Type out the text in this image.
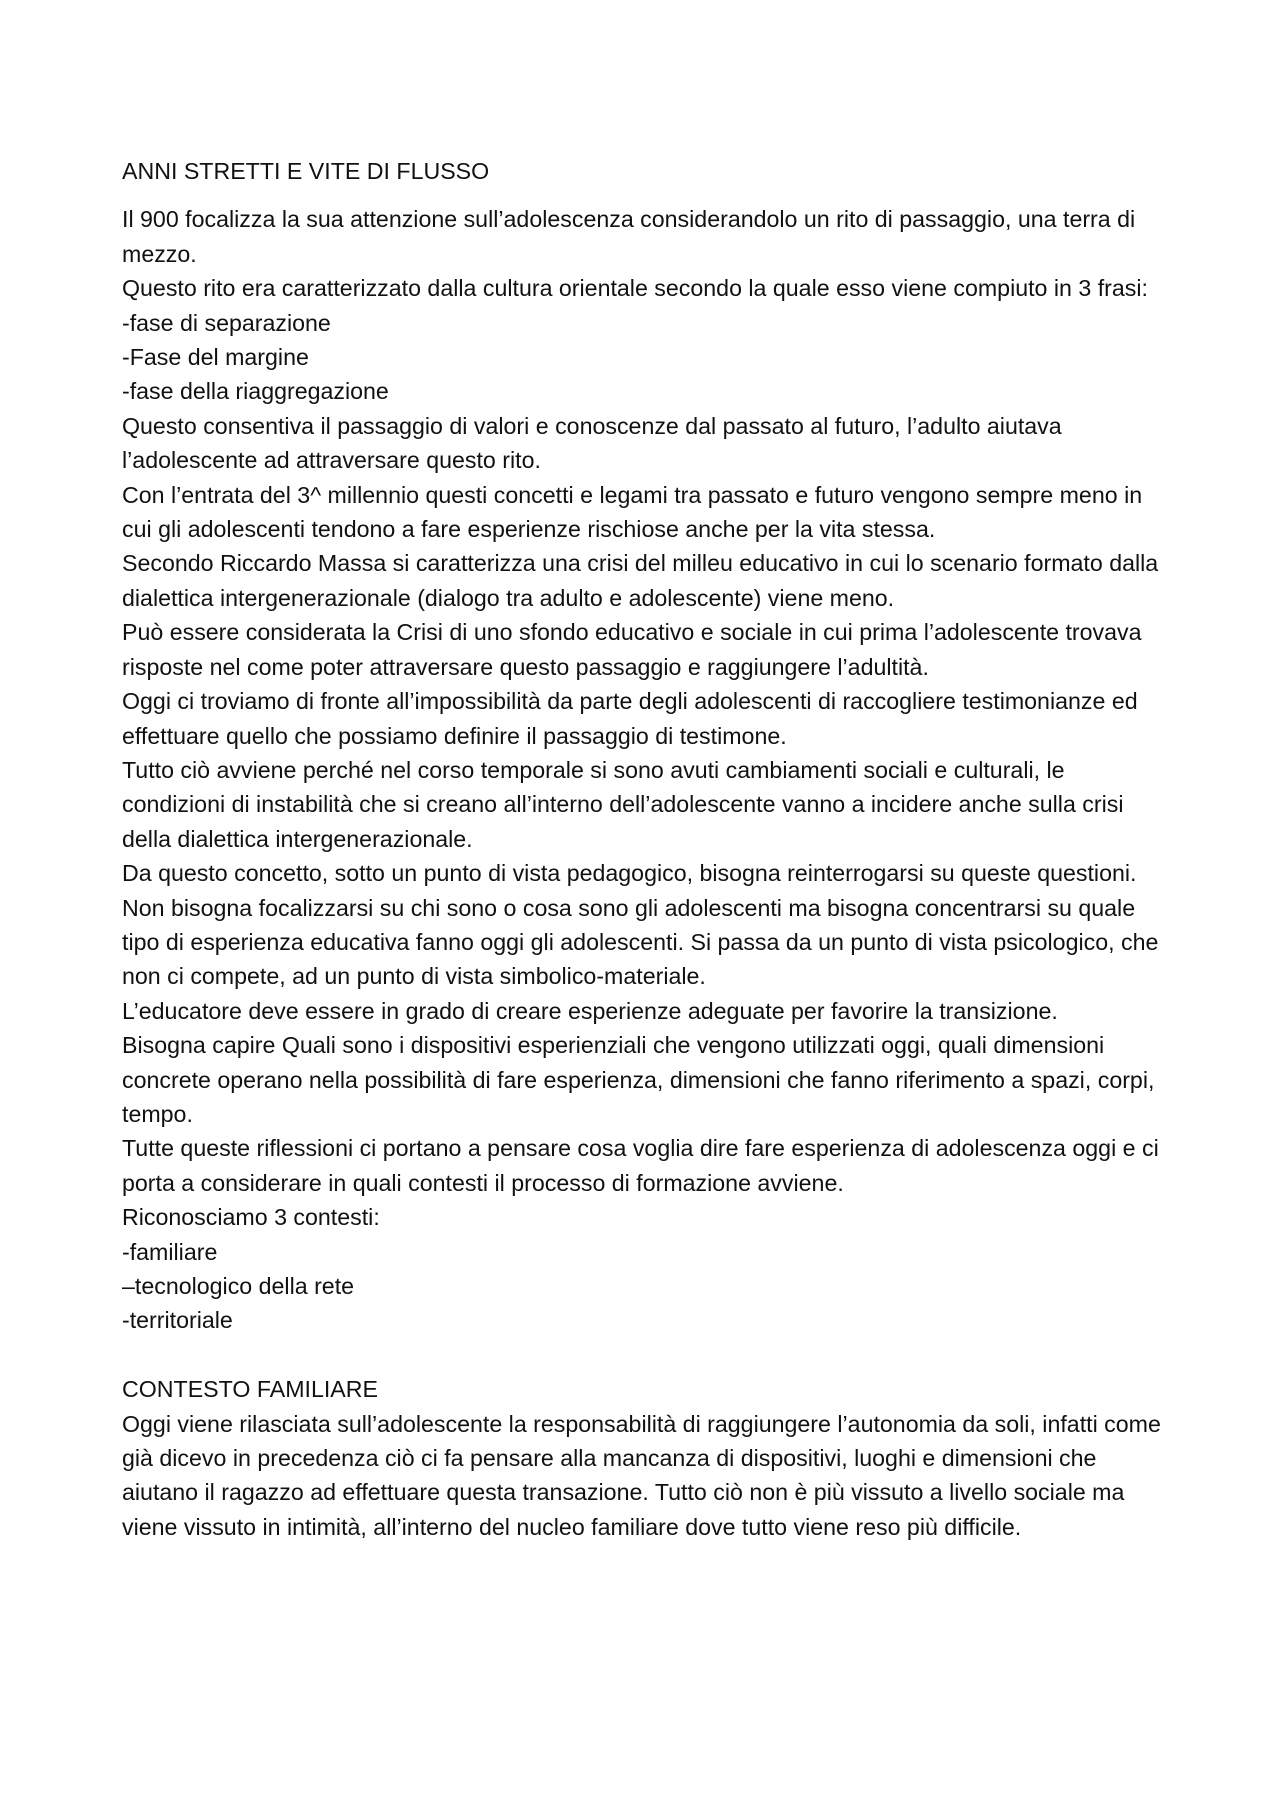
ANNI STRETTI E VITE DI FLUSSO

Il 900 focalizza la sua attenzione sull’adolescenza considerandolo un rito di passaggio, una terra di mezzo.

Questo rito era caratterizzato dalla cultura orientale secondo la quale esso viene compiuto in 3 frasi:

-fase di separazione
-Fase del margine
-fase della riaggregazione

Questo consentiva il passaggio di valori e conoscenze dal passato al futuro, l’adulto aiutava l’adolescente ad attraversare questo rito.

Con l’entrata del 3^ millennio questi concetti e legami tra passato e futuro vengono sempre meno in cui gli adolescenti tendono a fare esperienze rischiose anche per la vita stessa.

Secondo Riccardo Massa si caratterizza una crisi del milleu educativo in cui lo scenario formato dalla dialettica intergenerazionale (dialogo tra adulto e adolescente) viene meno.

Può essere considerata la Crisi di uno sfondo educativo e sociale in cui prima l’adolescente trovava risposte nel come poter attraversare questo passaggio e raggiungere l’adultità.

Oggi ci troviamo di fronte all’impossibilità da parte degli adolescenti di raccogliere testimonianze ed effettuare quello che possiamo definire il passaggio di testimone.

Tutto ciò avviene perché nel corso temporale si sono avuti cambiamenti sociali e culturali, le condizioni di instabilità che si creano all’interno dell’adolescente vanno a incidere anche sulla crisi della dialettica intergenerazionale.

Da questo concetto, sotto un punto di vista pedagogico, bisogna reinterrogarsi su queste questioni. Non bisogna focalizzarsi su chi sono o cosa sono gli adolescenti ma bisogna concentrarsi su quale tipo di esperienza educativa fanno oggi gli adolescenti. Si passa da un punto di vista psicologico, che non ci compete, ad un punto di vista simbolico-materiale.

L’educatore deve essere in grado di creare esperienze adeguate per favorire la transizione.

Bisogna capire Quali sono i dispositivi esperienziali che vengono utilizzati oggi, quali dimensioni concrete operano nella possibilità di fare esperienza, dimensioni che fanno riferimento a spazi, corpi, tempo.

Tutte queste riflessioni ci portano a pensare cosa voglia dire fare esperienza di adolescenza oggi e ci porta a considerare in quali contesti il processo di formazione avviene.

Riconosciamo 3 contesti:

-familiare
–tecnologico della rete
-territoriale
CONTESTO FAMILIARE

Oggi viene rilasciata sull’adolescente la responsabilità di raggiungere l’autonomia da soli, infatti come già dicevo in precedenza ciò ci fa pensare alla mancanza di dispositivi, luoghi e dimensioni che aiutano il ragazzo ad effettuare questa transazione. Tutto ciò non è più vissuto a livello sociale ma viene vissuto in intimità, all’interno del nucleo familiare dove tutto viene reso più difficile.
